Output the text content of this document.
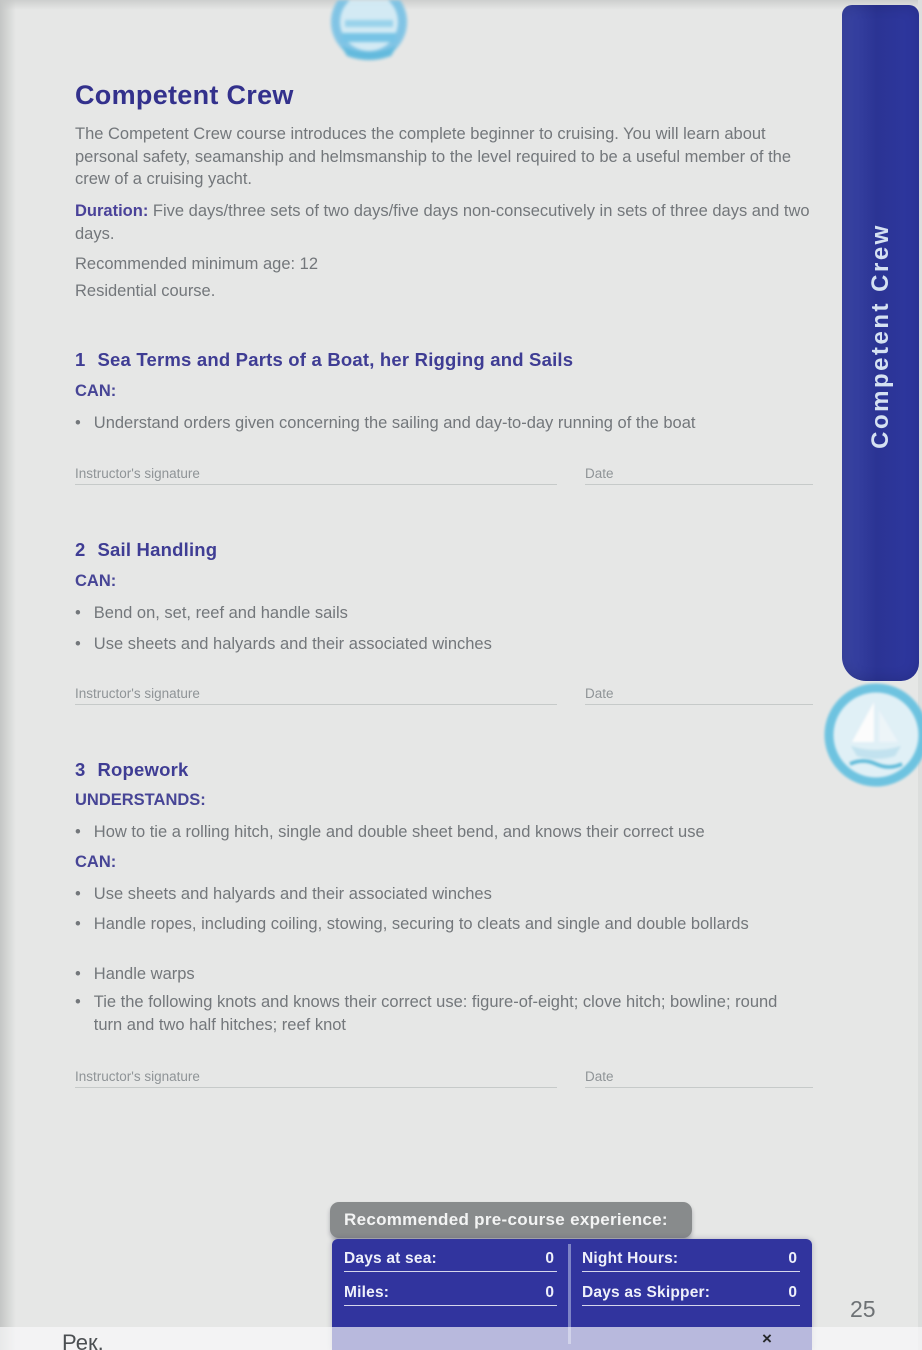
Competent Crew
Competent Crew
The Competent Crew course introduces the complete beginner to cruising. You will learn about personal safety, seamanship and helmsmanship to the level required to be a useful member of the crew of a cruising yacht.
Duration: Five days/three sets of two days/five days non-consecutively in sets of three days and two days.
Recommended minimum age: 12
Residential course.
1 Sea Terms and Parts of a Boat, her Rigging and Sails
CAN:
• Understand orders given concerning the sailing and day-to-day running of the boat
Instructor's signature	Date
2 Sail Handling
CAN:
• Bend on, set, reef and handle sails
• Use sheets and halyards and their associated winches
Instructor's signature	Date
3 Ropework
UNDERSTANDS:
• How to tie a rolling hitch, single and double sheet bend, and knows their correct use
CAN:
• Use sheets and halyards and their associated winches
• Handle ropes, including coiling, stowing, securing to cleats and single and double bollards
• Handle warps
• Tie the following knots and knows their correct use: figure-of-eight; clove hitch; bowline; round turn and two half hitches; reef knot
Instructor's signature	Date
Recommended pre-course experience:
Days at sea:	0 Night Hours:	0
Miles:	0 Days as Skipper:	0
25
Рек.	×
